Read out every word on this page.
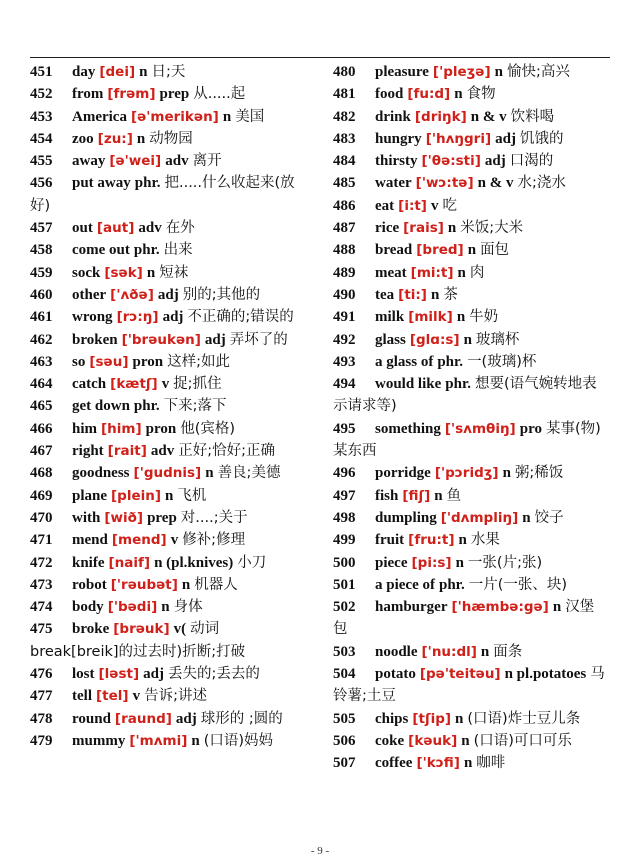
451 day [dei] n 日;天
452 from [frəm] prep 从.....起
453 America [ə'merikən] n 美国
454 zoo [zu:] n 动物园
455 away [ə'wei] adv 离开
456 put away phr. 把.....什么收起来(放好)
457 out [aut] adv 在外
458 come out phr. 出来
459 sock [sək] n 短袜
460 other ['ʌðə] adj 别的;其他的
461 wrong [rɔ:ŋ] adj 不正确的;错误的
462 broken ['brəukən] adj 弄坏了的
463 so [səu] pron 这样;如此
464 catch [kætʃ] v 捉;抓住
465 get down phr. 下来;落下
466 him [him] pron 他(宾格)
467 right [rait] adv 正好;恰好;正确
468 goodness ['gudnis] n 善良;美德
469 plane [plein] n 飞机
470 with [wið] prep 对....;关于
471 mend [mend] v 修补;修理
472 knife [naif] n (pl.knives) 小刀
473 robot ['rəubət] n 机器人
474 body ['bədi] n 身体
475 broke [brəuk] v( 动词break[breik]的过去时)折断;打破
476 lost [ləst] adj 丢失的;丢去的
477 tell [tel] v 告诉;讲述
478 round [raund] adj 球形的 ;圆的
479 mummy ['mʌmi] n (口语)妈妈
480 pleasure ['pleʒə] n 愉快;高兴
481 food [fu:d] n 食物
482 drink [driŋk] n & v 饮料喝
483 hungry ['hʌŋgri] adj 饥饿的
484 thirsty ['θə:sti] adj 口渴的
485 water ['wɔ:tə] n & v 水;浇水
486 eat [i:t] v 吃
487 rice [rais] n 米饭;大米
488 bread [bred] n 面包
489 meat [mi:t] n 肉
490 tea [ti:] n 茶
491 milk [milk] n 牛奶
492 glass [glɑ:s] n 玻璃杯
493 a glass of phr. 一(玻璃)杯
494 would like phr. 想要(语气婉转地表示请求等)
495 something ['sʌmθiŋ] pro 某事(物)某东西
496 porridge ['pɔridʒ] n 粥;稀饭
497 fish [fiʃ] n 鱼
498 dumpling ['dʌmpliŋ] n 饺子
499 fruit [fru:t] n 水果
500 piece [pi:s] n 一张(片;张)
501 a piece of phr. 一片(一张、块)
502 hamburger ['hæmbə:gə] n 汉堡包
503 noodle ['nu:dl] n 面条
504 potato [pə'teitəu] n pl.potatoes 马铃薯;土豆
505 chips [tʃip] n (口语)炸士豆儿条
506 coke [kəuk] n (口语)可口可乐
507 coffee ['kɔfi] n 咖啡
- 9 -
